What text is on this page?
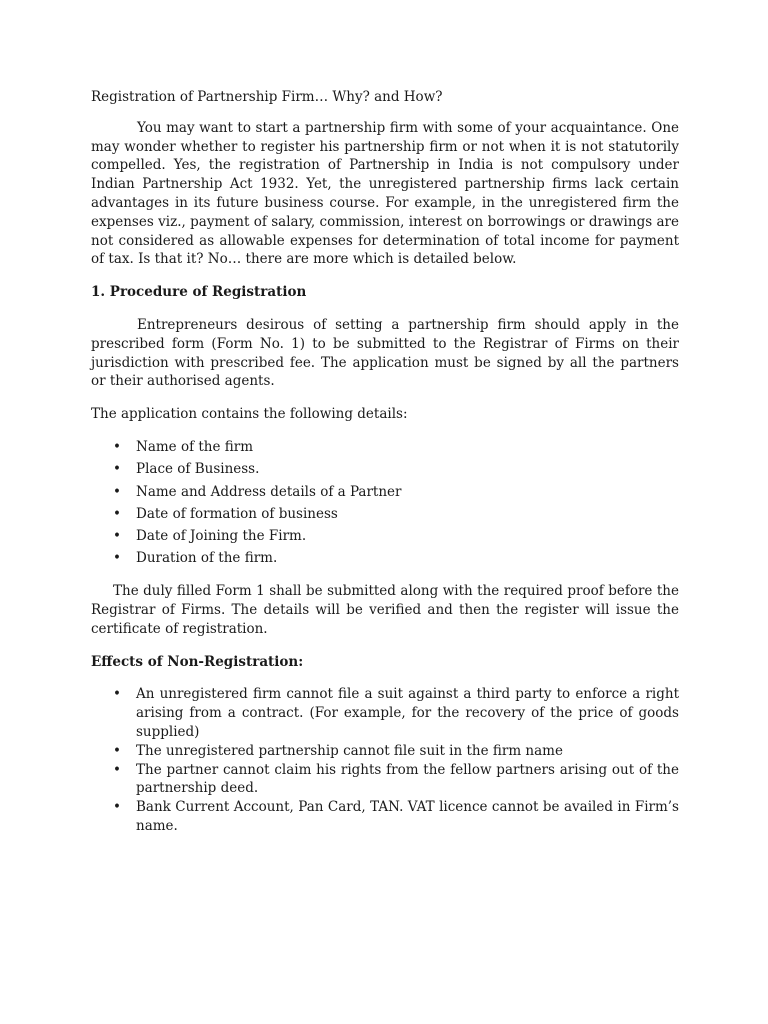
Registration of Partnership Firm… Why? and How?

You may want to start a partnership firm with some of your acquaintance. One may wonder whether to register his partnership firm or not when it is not statutorily compelled. Yes, the registration of Partnership in India is not compulsory under Indian Partnership Act 1932. Yet, the unregistered partnership firms lack certain advantages in its future business course. For example, in the unregistered firm the expenses viz., payment of salary, commission, interest on borrowings or drawings are not considered as allowable expenses for determination of total income for payment of tax. Is that it? No… there are more which is detailed below.

1. Procedure of Registration

Entrepreneurs desirous of setting a partnership firm should apply in the prescribed form (Form No. 1) to be submitted to the Registrar of Firms on their jurisdiction with prescribed fee. The application must be signed by all the partners or their authorised agents.

The application contains the following details:

• Name of the firm
• Place of Business.
• Name and Address details of a Partner
• Date of formation of business
• Date of Joining the Firm.
• Duration of the firm.

The duly filled Form 1 shall be submitted along with the required proof before the Registrar of Firms. The details will be verified and then the register will issue the certificate of registration.

Effects of Non-Registration:
• An unregistered firm cannot file a suit against a third party to enforce a right arising from a contract. (For example, for the recovery of the price of goods supplied)
• The unregistered partnership cannot file suit in the firm name
• The partner cannot claim his rights from the fellow partners arising out of the partnership deed.
• Bank Current Account, Pan Card, TAN. VAT licence cannot be availed in Firm’s name.
